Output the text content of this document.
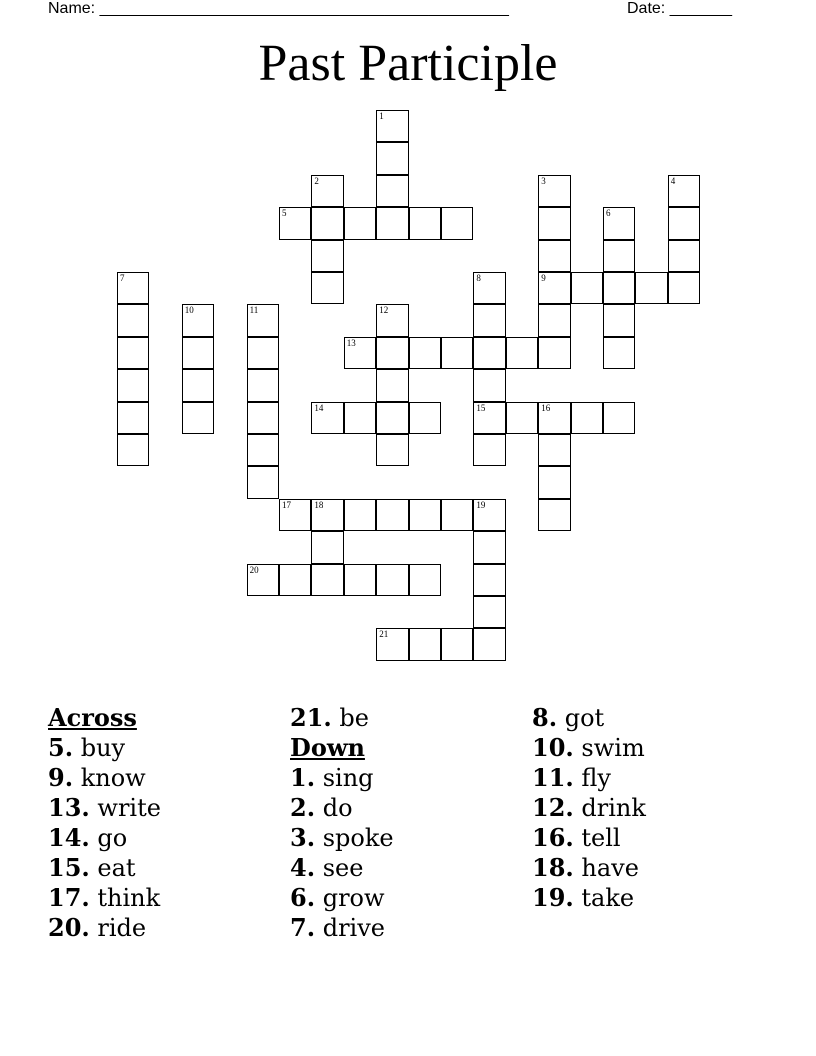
Name: ______________________________________________	Date: _______
Past Participle
1
2	3
9
4
5	6
7	8
15
10	11	12
13
14	16
17	18	19
20
21
Across
5. buy
9. know
13. write
14. go
15. eat
17. think
20. ride
21. be
Down
1. sing
2. do
3. spoke
4. see
6. grow
7. drive
8. got
10. swim
11. fly
12. drink
16. tell
18. have
19. take
